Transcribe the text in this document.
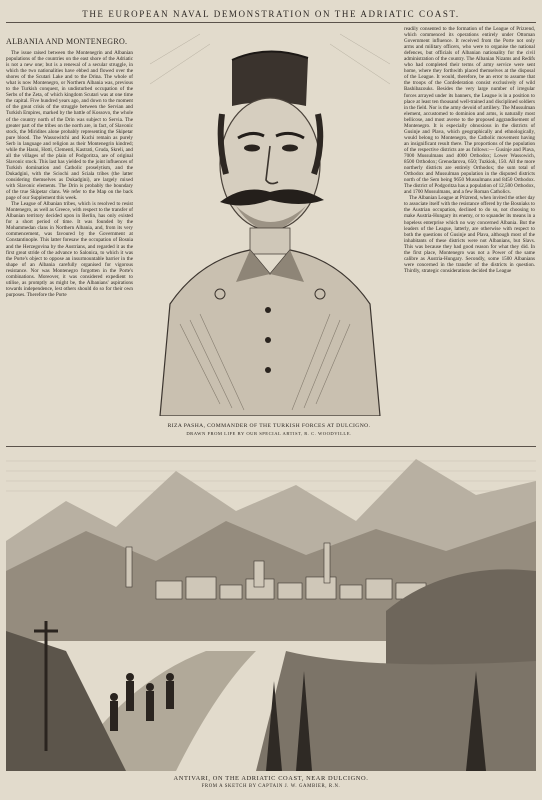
THE EUROPEAN NAVAL DEMONSTRATION ON THE ADRIATIC COAST.
ALBANIA AND MONTENEGRO.

The issue raised between the Montenegrin and Albanian populations of the countries on the east shore of the Adriatic is not a new one; but is a renewal of a secular struggle, in which the two nationalities have ebbed and flowed over the shores of the Scutari Lake and to the Drina. The whole of what is now Montenegro, or Northern Albania was, previous to the Turkish conquest, in undisturbed occupation of the Serbs of the Zeta, of which kingdom Scutari was at one time the capital. Five hundred years ago, and down to the moment of the great crisis of the struggle between the Servian and Turkish Empires, marked by the battle of Kossovo, the whole of the country north of the Drin was subject to Servia. The greater part of the tribes on the north are, in fact, of Slavonic stock, the Miridites alone probably representing the Skipetar pure blood. The Wassowitchi and Kuchi remain as purely Serb in language and religion as their Montenegrin kindred; while the Hasni, Hotti, Clementi, Kastrati, Gruda, Skreli, and all the villages of the plain of Podgoritza, are of original Slavonic stock. This last has yielded to the joint influences of Turkish domination and Catholic proselytism, and the Dukadgini, with the Sciochi and Sciala tribes (the latter considering themselves as Dukadgini), are largely mixed with Slavonic elements. The Drin is probably the boundary of the true Skipetar clans. We refer to the Map on the back page of our Supplement this week.

The League of Albanian tribes, which is resolved to resist Montenegro, as well as Greece, with respect to the transfer of Albanian territory decided upon in Berlin, has only existed for a short period of time. It was founded by the Mohammedan clans in Northern Albania, and, from its very commencement, was favoured by the Government at Constantinople. This latter foresaw the occupation of Bosnia and the Herzegovina by the Austrians, and regarded it as the first great stride of the advance to Salonica, to which it was the Porte's object to oppose an insurmountable barrier in the shape of an Albania carefully organised for vigorous resistance. Nor was Montenegro forgotten in the Porte's combinations. Moreover, it was considered expedient to utilise, as promptly as might be, the Albanians' aspirations towards independence, lest others should do so for their own purposes. Therefore the Porte

RIZA PASHA, COMMANDER OF THE TURKISH FORCES AT DULCIGNO.
DRAWN FROM LIFE BY OUR SPECIAL ARTIST, R. C. WOODVILLE.

readily consented to the formation of the League of Prizrend, which commenced its operations entirely under Ottoman Government influence. It received from the Porte not only arms and military officers, who were to organise the national defences, but officials of Albanian nationality for the civil administration of the country. The Albanian Nizams and Redifs who had completed their terms of army service were sent home, where they forthwith placed themselves at the disposal of the League. It would, therefore, be an error to assume that the troops of the Confederation consist exclusively of wild Bashibazouks. Besides the very large number of irregular forces arrayed under its banners, the League is in a position to place at least ten thousand well-trained and disciplined soldiers in the field. Nor is the army devoid of artillery. The Mussulman element, accustomed to dominion and arms, is naturally most bellicose, and most averse to the proposed aggrandisement of Montenegro. It is especially obnoxious in the districts of Gusinje and Plava, which geographically and ethnologically, would belong to Montenegro, the Catholic movement having an insignificant result there. The proportions of the population of the respective districts are as follows:— Gusinje and Plava, 7000 Mussulmans and 4000 Orthodox; Lower Wassowich, 8500 Orthodox; Grenodarova, 650; Tuzkiok, 150. All the more northerly districts are entirely Orthodox; the sum total of Orthodox and Mussulman population in the disputed districts north of the Sem being 9650 Mussulmans and 8450 Orthodox. The district of Podgoritza has a population of 12,500 Orthodox, and 1700 Mussulmans, and a few Roman Catholics.

The Albanian League at Prizrend, when invited the other day to associate itself with the resistance offered by the Bosniaks to the Austrian occupation, declined to do so, not choosing to make Austria-Hungary its enemy, or to squander its means in a hopeless enterprise which no way concerned Albania. But the leaders of the League, latterly, are otherwise with respect to both the questions of Gusinje and Plava, although most of the inhabitants of these districts were not Albanians, but Slavs. This was because they had good reason for what they did. In the first place, Montenegro was not a Power of the same calibre as Austria-Hungary. Secondly, some 1500 Albanians were concerned in the transfer of the districts in question. Thirdly, strategic considerations decided the League

ANTIVARI, ON THE ADRIATIC COAST, NEAR DULCIGNO.
FROM A SKETCH BY CAPTAIN J. W. GAMBIER, R.N.
